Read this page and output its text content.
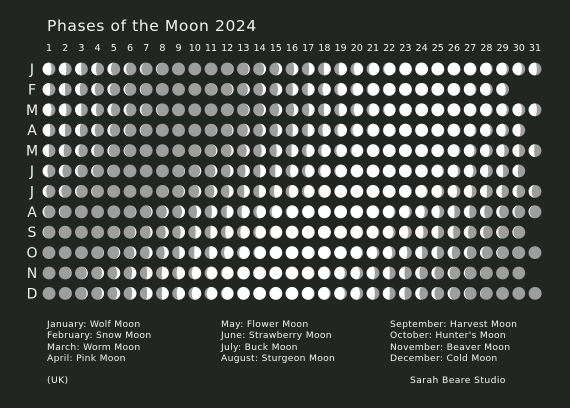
Phases of the Moon 2024
1 2 3 4 5 6 7 8 9 10 11 12 13 14 15 16 17 18 19 20 21 22 23 24 25 26 27 28 29 30 31
J
F
M
A
M
J
J
A
S
O
N
D
January: Wolf Moon
February: Snow Moon
March: Worm Moon
April: Pink Moon
May: Flower Moon
June: Strawberry Moon
July: Buck Moon
August: Sturgeon Moon
September: Harvest Moon
October: Hunter's Moon
November: Beaver Moon
December: Cold Moon
(UK)	Sarah Beare Studio
